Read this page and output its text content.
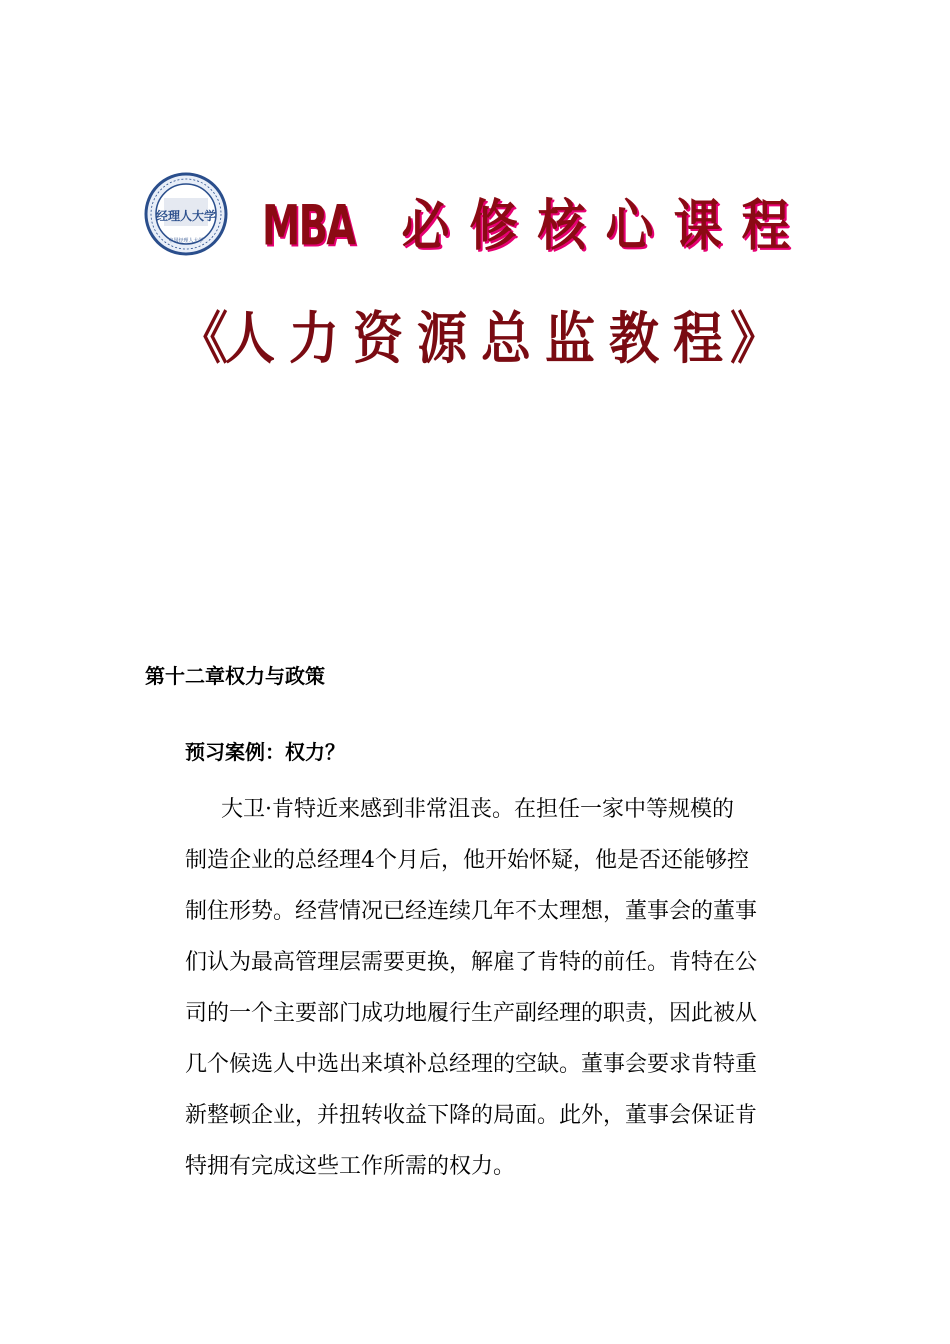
经理人大学
中国经理人大学 MBA 必 修 核 心 课 程
《人 力 资 源 总 监 教 程 》
第十二章权力与政策
预习案例：权力？
大卫·肯特近来感到非常沮丧。在担任一家中等规模的
制造企业的总经理4个月后，他开始怀疑，他是否还能够控
制住形势。经营情况已经连续几年不太理想，董事会的董事
们认为最高管理层需要更换，解雇了肯特的前任。肯特在公
司的一个主要部门成功地履行生产副经理的职责，因此被从
几个候选人中选出来填补总经理的空缺。董事会要求肯特重
新整顿企业，并扭转收益下降的局面。此外，董事会保证肯
特拥有完成这些工作所需的权力。
